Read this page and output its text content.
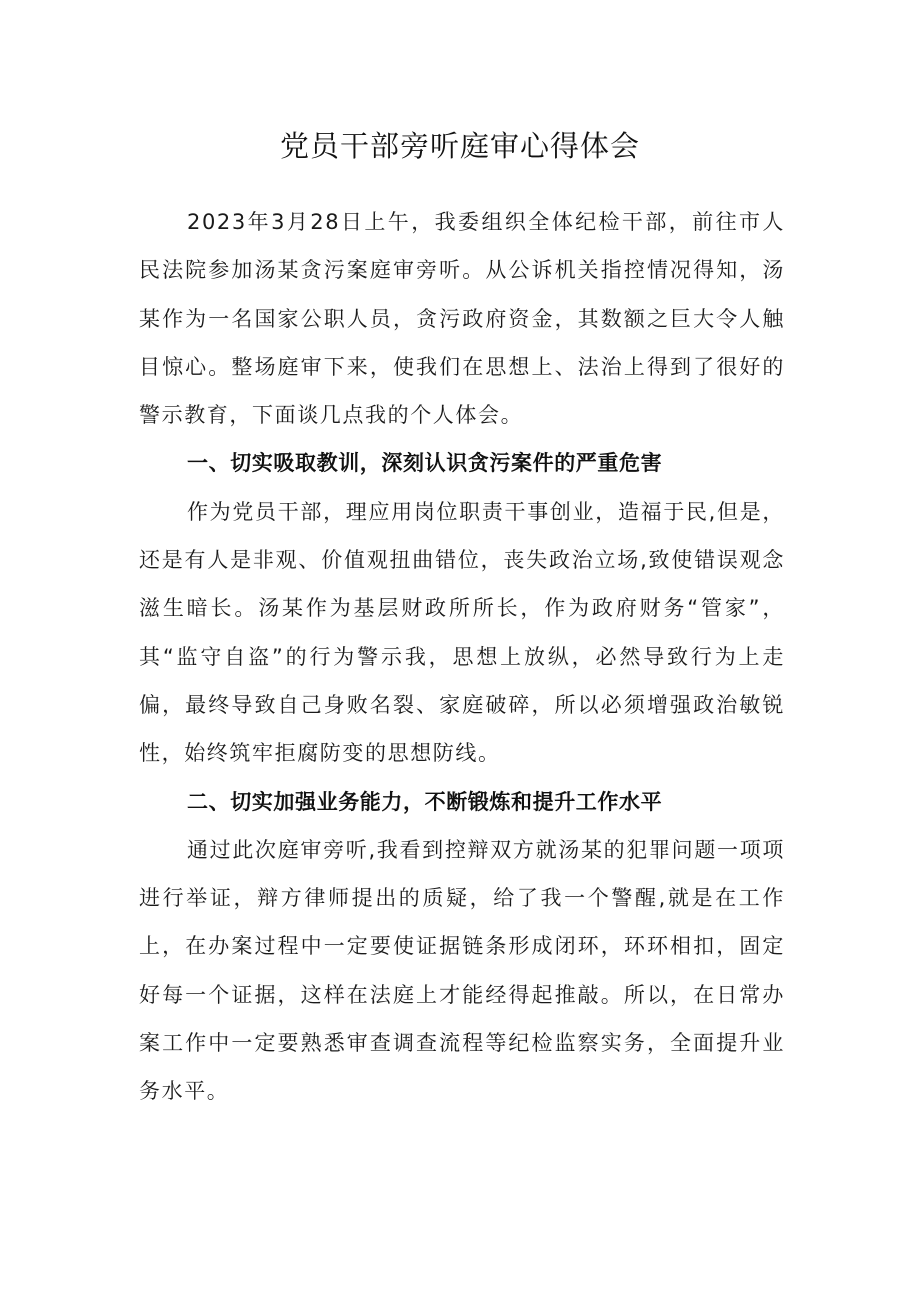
党员干部旁听庭审心得体会

2023年3月28日上午，我委组织全体纪检干部，前往市人民法院参加汤某贪污案庭审旁听。从公诉机关指控情况得知，汤某作为一名国家公职人员，贪污政府资金，其数额之巨大令人触目惊心。整场庭审下来，使我们在思想上、法治上得到了很好的警示教育，下面谈几点我的个人体会。

一、切实吸取教训，深刻认识贪污案件的严重危害

作为党员干部，理应用岗位职责干事创业，造福于民,但是，还是有人是非观、价值观扭曲错位，丧失政治立场,致使错误观念滋生暗长。汤某作为基层财政所所长，作为政府财务“管家”，其“监守自盗”的行为警示我，思想上放纵，必然导致行为上走偏，最终导致自己身败名裂、家庭破碎，所以必须增强政治敏锐性，始终筑牢拒腐防变的思想防线。

二、切实加强业务能力，不断锻炼和提升工作水平

通过此次庭审旁听,我看到控辩双方就汤某的犯罪问题一项项进行举证，辩方律师提出的质疑，给了我一个警醒,就是在工作上，在办案过程中一定要使证据链条形成闭环，环环相扣，固定好每一个证据，这样在法庭上才能经得起推敲。所以，在日常办案工作中一定要熟悉审查调查流程等纪检监察实务，全面提升业务水平。
